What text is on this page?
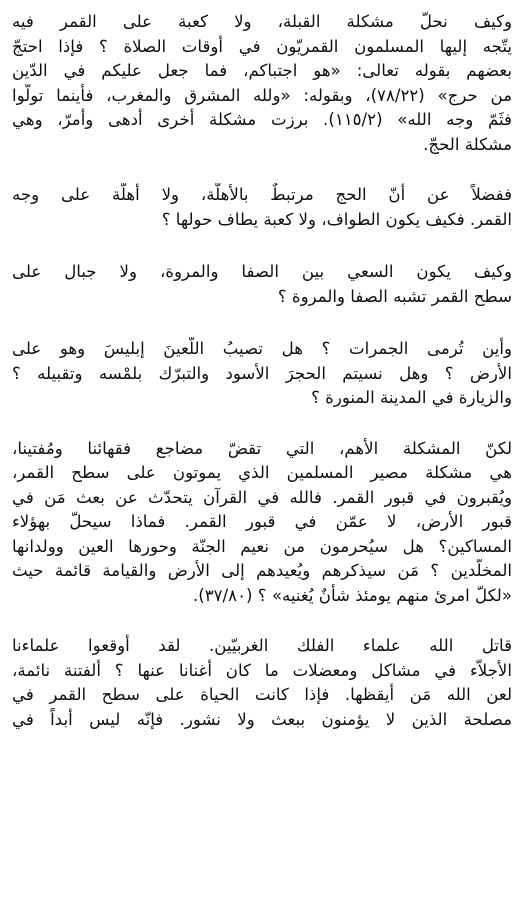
وكيف نحلّ مشكلة القبلة، ولا كعبة على القمر فيه
يتّجه إليها المسلمون القمريّون في أوقات الصلاة ؟ فإذا احتجّ
بعضهم بقوله تعالى: «هو اجتباكم، فما جعل عليكم في الدّين
من حرج» (٧٨/٢٢)، وبقوله: «ولله المشرق والمغرب، فأينما تولّوا
فثَمّ وجه الله» (١١٥/٢). برزت مشكلة أخرى أدهى وأمرّ، وهي
مشكلة الحجّ.
ففضلاً عن أنّ الحج مرتبطٌ بالأهلّة، ولا أهلّة على وجه
القمر. فكيف يكون الطواف، ولا كعبة يطاف حولها ؟
وكيف يكون السعي بين الصفا والمروة، ولا جبال على
سطح القمر تشبه الصفا والمروة ؟
وأين تُرمى الجمرات ؟ هل تصيبُ اللّعينَ إبليسَ وهو على
الأرض ؟ وهل نسيتم الحجرَ الأسود والتبرّك بلمْسه وتقبيله ؟
والزيارة في المدينة المنورة ؟
لكنّ المشكلة الأهم، التي تقضّ مضاجع فقهائنا ومُفتينا،
هي مشكلة مصير المسلمين الذي يموتون على سطح القمر،
ويُقبرون في قبور القمر. فالله في القرآن يتحدّث عن بعث مَن في
قبور الأرض، لا عمّن في قبور القمر. فماذا سيحلّ بهؤلاء
المساكين؟ هل سيُحرمون من نعيم الجنّة وحورها العين وولدانها
المخلّدين ؟ مَن سيذكرهم ويُعيدهم إلى الأرض والقيامة قائمة حيث
«لكلّ امرئ منهم يومئذ شأنٌ يُغنيه» ؟ (٣٧/٨٠).
قاتل الله علماء الفلك الغربيّين. لقد أوقعوا علماءنا
الأجلاّء في مشاكل ومعضلات ما كان أغنانا عنها ؟ ألفتنة نائمة،
لعن الله مَن أيقظها. فإذا كانت الحياة على سطح القمر في
مصلحة الذين لا يؤمنون ببعث ولا نشور. فإنّه ليس أبداً في
